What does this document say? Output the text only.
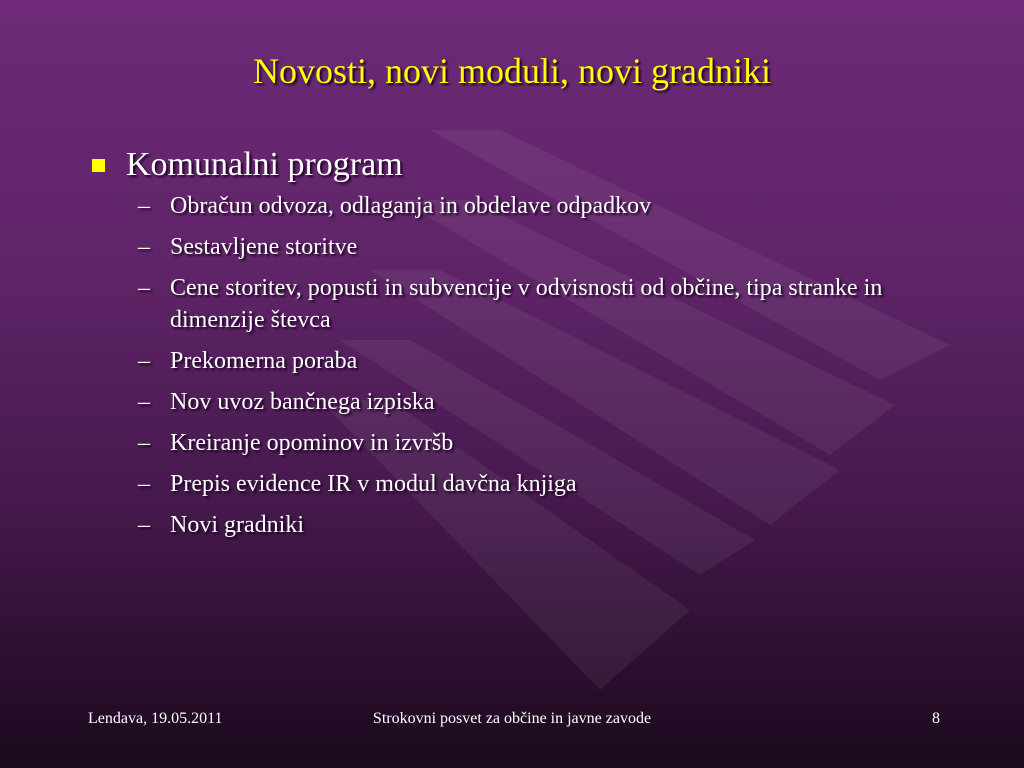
Novosti, novi moduli, novi gradniki
Komunalni program
– Obračun odvoza, odlaganja in obdelave odpadkov
– Sestavljene storitve
– Cene storitev, popusti in subvencije v odvisnosti od občine, tipa stranke in dimenzije števca
– Prekomerna poraba
– Nov uvoz bančnega izpiska
– Kreiranje opominov in izvršb
– Prepis evidence IR v modul davčna knjiga
– Novi gradniki
Lendava, 19.05.2011	Strokovni posvet za občine in javne zavode	8
